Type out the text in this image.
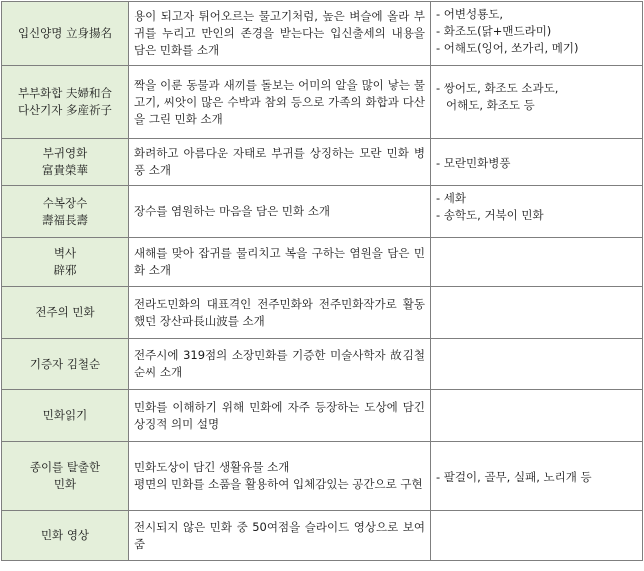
입신양명 立身揚名	용이 되고자 튀어오르는 물고기처럼, 높은 벼슬에 올라 부귀를 누리고 만인의 존경을 받는다는 입신출세의 내용을 담은 민화를 소개	- 어변성룡도,
- 화조도(닭+맨드라미)
- 어해도(잉어, 쏘가리, 메기)

부부화합 夫婦和合
다산기자 多産祈子	짝을 이룬 동물과 새끼를 돌보는 어미의 알을 많이 낳는 물고기, 씨앗이 많은 수박과 참외 등으로 가족의 화합과 다산을 그린 민화 소개	- 쌍어도, 화조도 소과도,
어해도, 화조도 등

부귀영화
富貴榮華	화려하고 아름다운 자태로 부귀를 상징하는 모란 민화 병풍 소개	- 모란민화병풍

수복장수
壽福長壽	장수를 염원하는 마음을 담은 민화 소개	- 세화
- 송학도, 거북이 민화

벽사
辟邪	새해를 맞아 잡귀를 물리치고 복을 구하는 염원을 담은 민화 소개	

전주의 민화	전라도민화의 대표격인 전주민화와 전주민화작가로 활동했던 장산파長山波를 소개	

기증자 김철순	전주시에 319점의 소장민화를 기증한 미술사학자 故김철순씨 소개	

민화읽기	민화를 이해하기 위해 민화에 자주 등장하는 도상에 담긴 상징적 의미 설명	

종이를 탈출한
민화	민화도상이 담긴 생활유물 소개
평면의 민화를 소품을 활용하여 입체감있는 공간으로 구현	- 팔걸이, 골무, 실패, 노리개 등

민화 영상	전시되지 않은 민화 중 50여점을 슬라이드 영상으로 보여줌	
